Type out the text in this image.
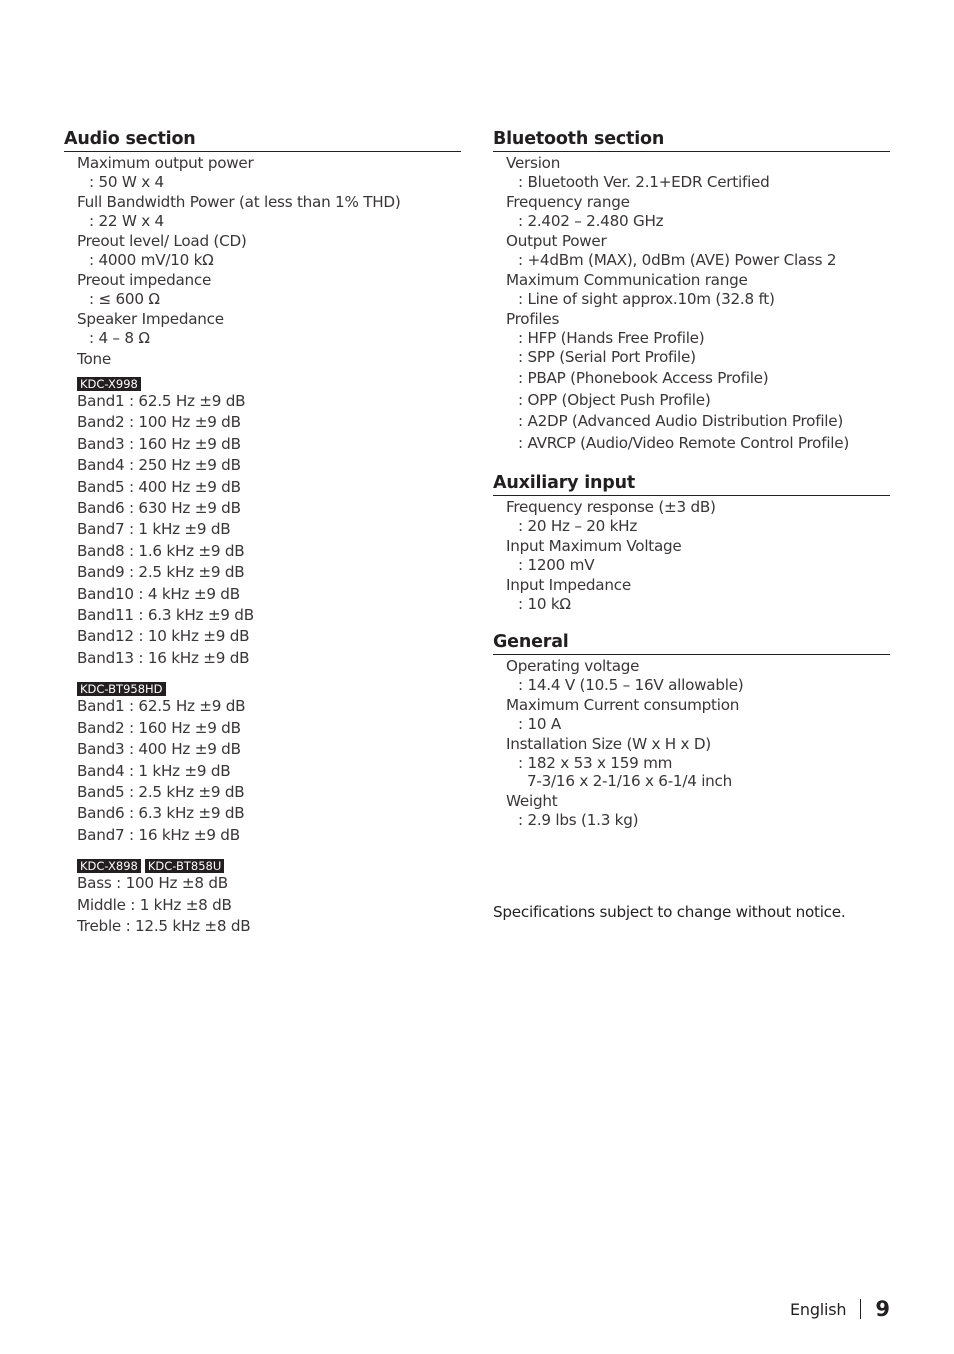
Audio section
Maximum output power
: 50 W x 4
Full Bandwidth Power (at less than 1% THD)
: 22 W x 4
Preout level/ Load (CD)
: 4000 mV/10 kΩ
Preout impedance
: ≤ 600 Ω
Speaker Impedance
: 4 – 8 Ω
Tone
KDC-X998
Band1 : 62.5 Hz ±9 dB
Band2 : 100 Hz ±9 dB
Band3 : 160 Hz ±9 dB
Band4 : 250 Hz ±9 dB
Band5 : 400 Hz ±9 dB
Band6 : 630 Hz ±9 dB
Band7 : 1 kHz ±9 dB
Band8 : 1.6 kHz ±9 dB
Band9 : 2.5 kHz ±9 dB
Band10 : 4 kHz ±9 dB
Band11 : 6.3 kHz ±9 dB
Band12 : 10 kHz ±9 dB
Band13 : 16 kHz ±9 dB
KDC-BT958HD
Band1 : 62.5 Hz ±9 dB
Band2 : 160 Hz ±9 dB
Band3 : 400 Hz ±9 dB
Band4 : 1 kHz ±9 dB
Band5 : 2.5 kHz ±9 dB
Band6 : 6.3 kHz ±9 dB
Band7 : 16 kHz ±9 dB
KDC-X898 KDC-BT858U
Bass : 100 Hz ±8 dB
Middle : 1 kHz ±8 dB
Treble : 12.5 kHz ±8 dB
Bluetooth section
Version
: Bluetooth Ver. 2.1+EDR Certified
Frequency range
: 2.402 – 2.480 GHz
Output Power
: +4dBm (MAX), 0dBm (AVE) Power Class 2
Maximum Communication range
: Line of sight approx.10m (32.8 ft)
Profiles
: HFP (Hands Free Profile)
: SPP (Serial Port Profile)
: PBAP (Phonebook Access Profile)
: OPP (Object Push Profile)
: A2DP (Advanced Audio Distribution Profile)
: AVRCP (Audio/Video Remote Control Profile)
Auxiliary input
Frequency response (±3 dB)
: 20 Hz – 20 kHz
Input Maximum Voltage
: 1200 mV
Input Impedance
: 10 kΩ
General
Operating voltage
: 14.4 V (10.5 – 16V allowable)
Maximum Current consumption
: 10 A
Installation Size (W x H x D)
: 182 x 53 x 159 mm
7-3/16 x 2-1/16 x 6-1/4 inch
Weight
: 2.9 lbs (1.3 kg)
Specifications subject to change without notice.
English 9
